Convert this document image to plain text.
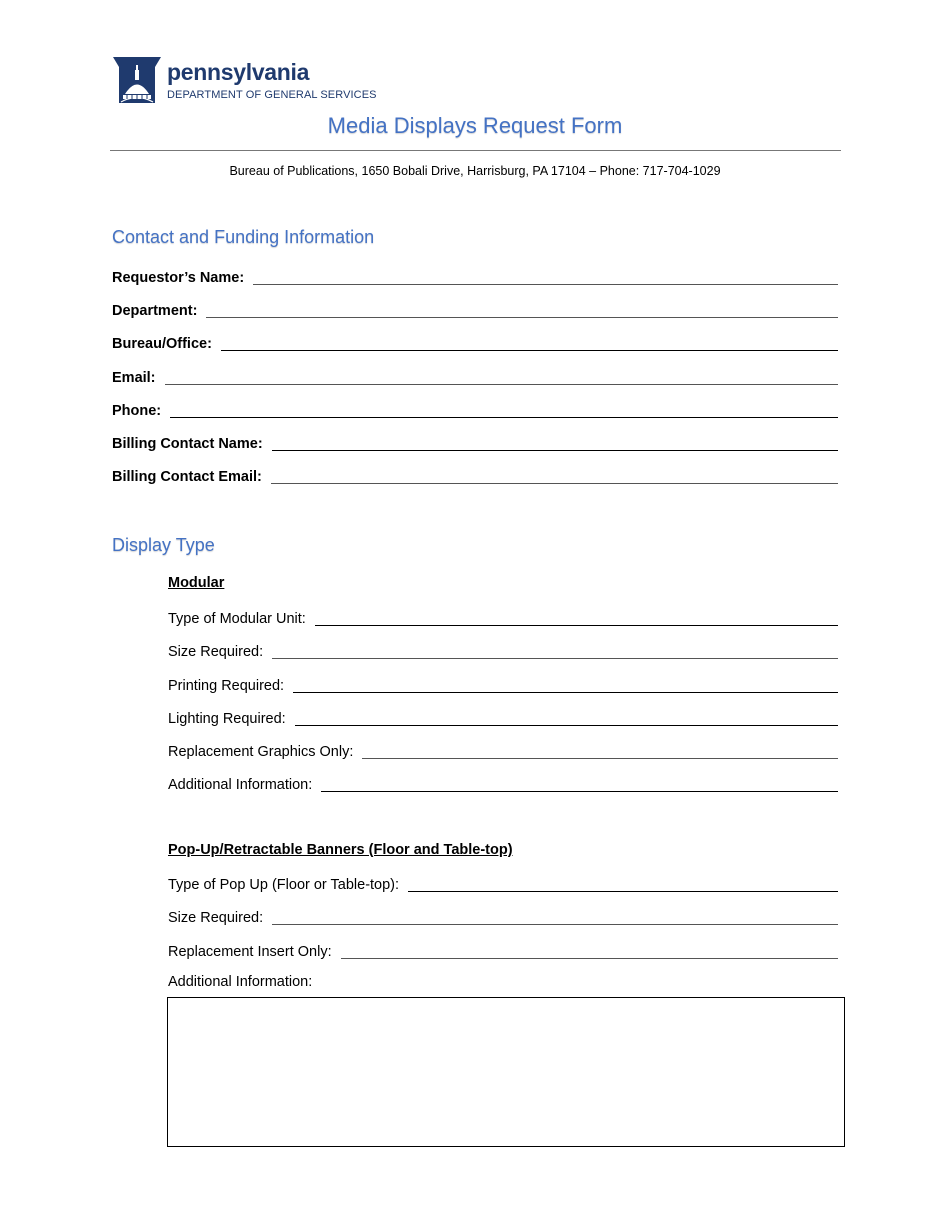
pennsylvania
DEPARTMENT OF GENERAL SERVICES
Media Displays Request Form
Bureau of Publications, 1650 Bobali Drive, Harrisburg, PA 17104 – Phone: 717-704-1029
Contact and Funding Information
Requestor’s Name:
Department:
Bureau/Office:
Email:
Phone:
Billing Contact Name:
Billing Contact Email:
Display Type
Modular
Type of Modular Unit:
Size Required:
Printing Required:
Lighting Required:
Replacement Graphics Only:
Additional Information:
Pop-Up/Retractable Banners (Floor and Table-top)
Type of Pop Up (Floor or Table-top):
Size Required:
Replacement Insert Only:
Additional Information:
